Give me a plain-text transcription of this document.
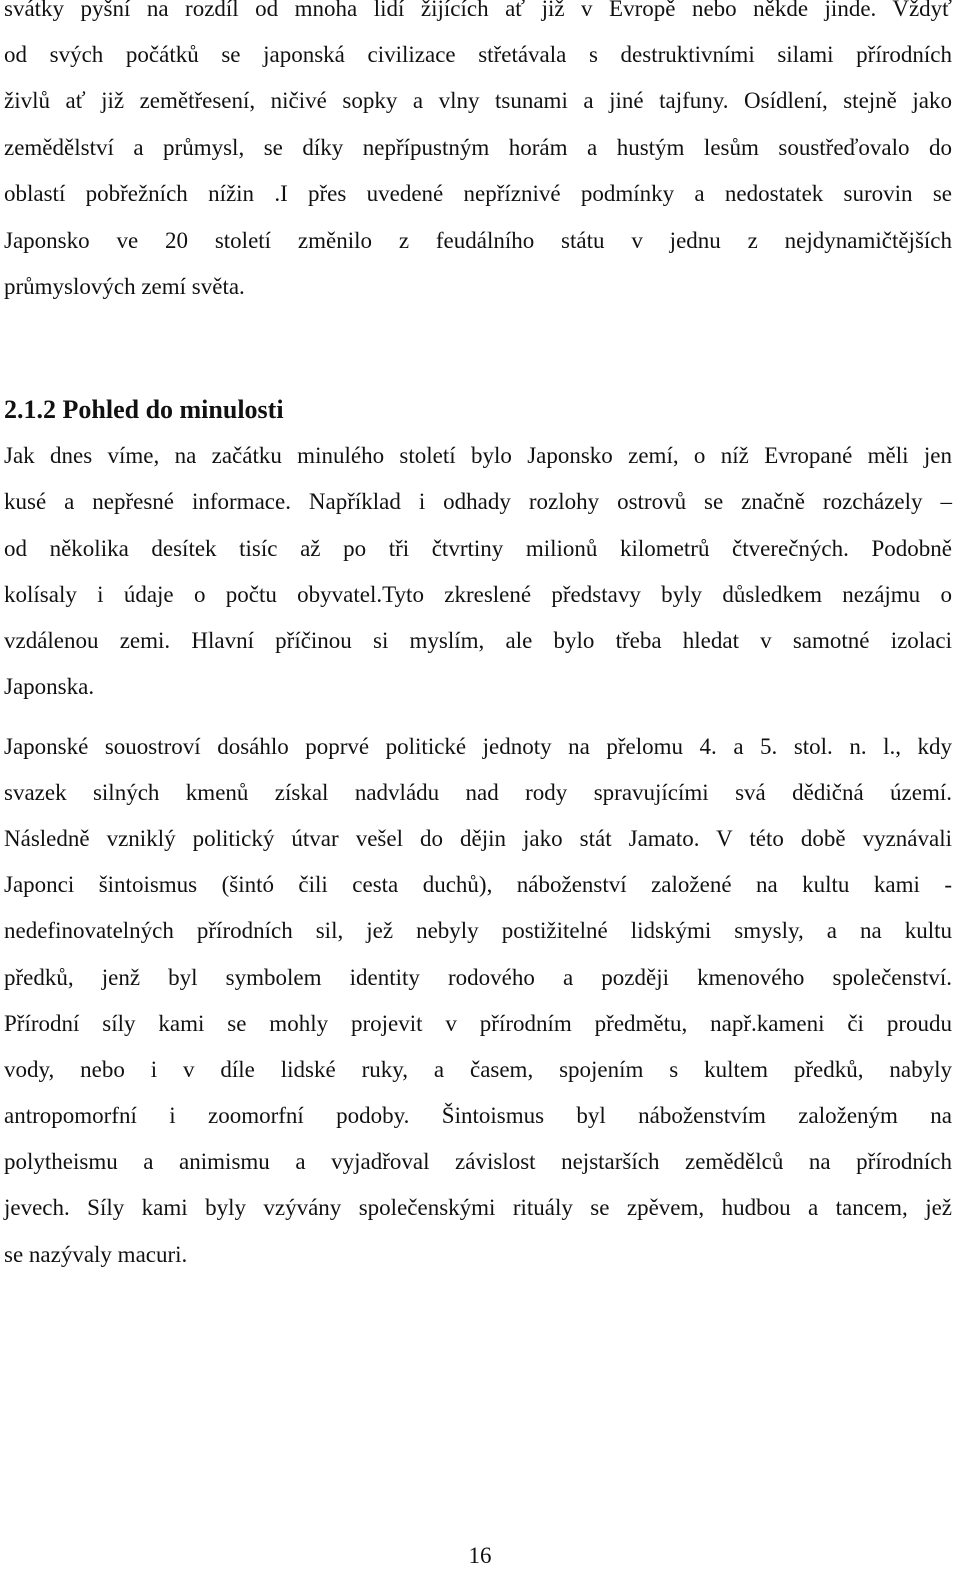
svátky pyšní na rozdíl od mnoha lidí žijících ať již v Evropě nebo někde jinde. Vždyť
od svých počátků se japonská civilizace střetávala s destruktivními silami přírodních
živlů ať již zemětřesení, ničivé sopky a vlny tsunami a jiné tajfuny. Osídlení, stejně jako
zemědělství a průmysl, se díky nepřípustným horám a hustým lesům soustřeďovalo do
oblastí pobřežních nížin .I přes uvedené nepříznivé podmínky a nedostatek surovin se
Japonsko ve 20 století změnilo z feudálního státu v jednu z nejdynamičtějších
průmyslových zemí světa.
2.1.2 Pohled do minulosti
Jak dnes víme, na začátku minulého století bylo Japonsko zemí, o níž Evropané měli jen
kusé a nepřesné informace. Například i odhady rozlohy ostrovů se značně rozcházely –
od několika desítek tisíc až po tři čtvrtiny milionů kilometrů čtverečných. Podobně
kolísaly i údaje o počtu obyvatel.Tyto zkreslené představy byly důsledkem nezájmu o
vzdálenou zemi. Hlavní příčinou si myslím, ale bylo třeba hledat v samotné izolaci
Japonska.
Japonské souostroví dosáhlo poprvé politické jednoty na přelomu 4. a 5. stol. n. l., kdy
svazek silných kmenů získal nadvládu nad rody spravujícími svá dědičná území.
Následně vzniklý politický útvar vešel do dějin jako stát Jamato. V této době vyznávali
Japonci šintoismus (šintó čili cesta duchů), náboženství založené na kultu kami -
nedefinovatelných přírodních sil, jež nebyly postižitelné lidskými smysly, a na kultu
předků, jenž byl symbolem identity rodového a později kmenového společenství.
Přírodní síly kami se mohly projevit v přírodním předmětu, např.kameni či proudu
vody, nebo i v díle lidské ruky, a časem, spojením s kultem předků, nabyly
antropomorfní i zoomorfní podoby. Šintoismus byl náboženstvím založeným na
polytheismu a animismu a vyjadřoval závislost nejstarších zemědělců na přírodních
jevech. Síly kami byly vzývány společenskými rituály se zpěvem, hudbou a tancem, jež
se nazývaly macuri.
16
